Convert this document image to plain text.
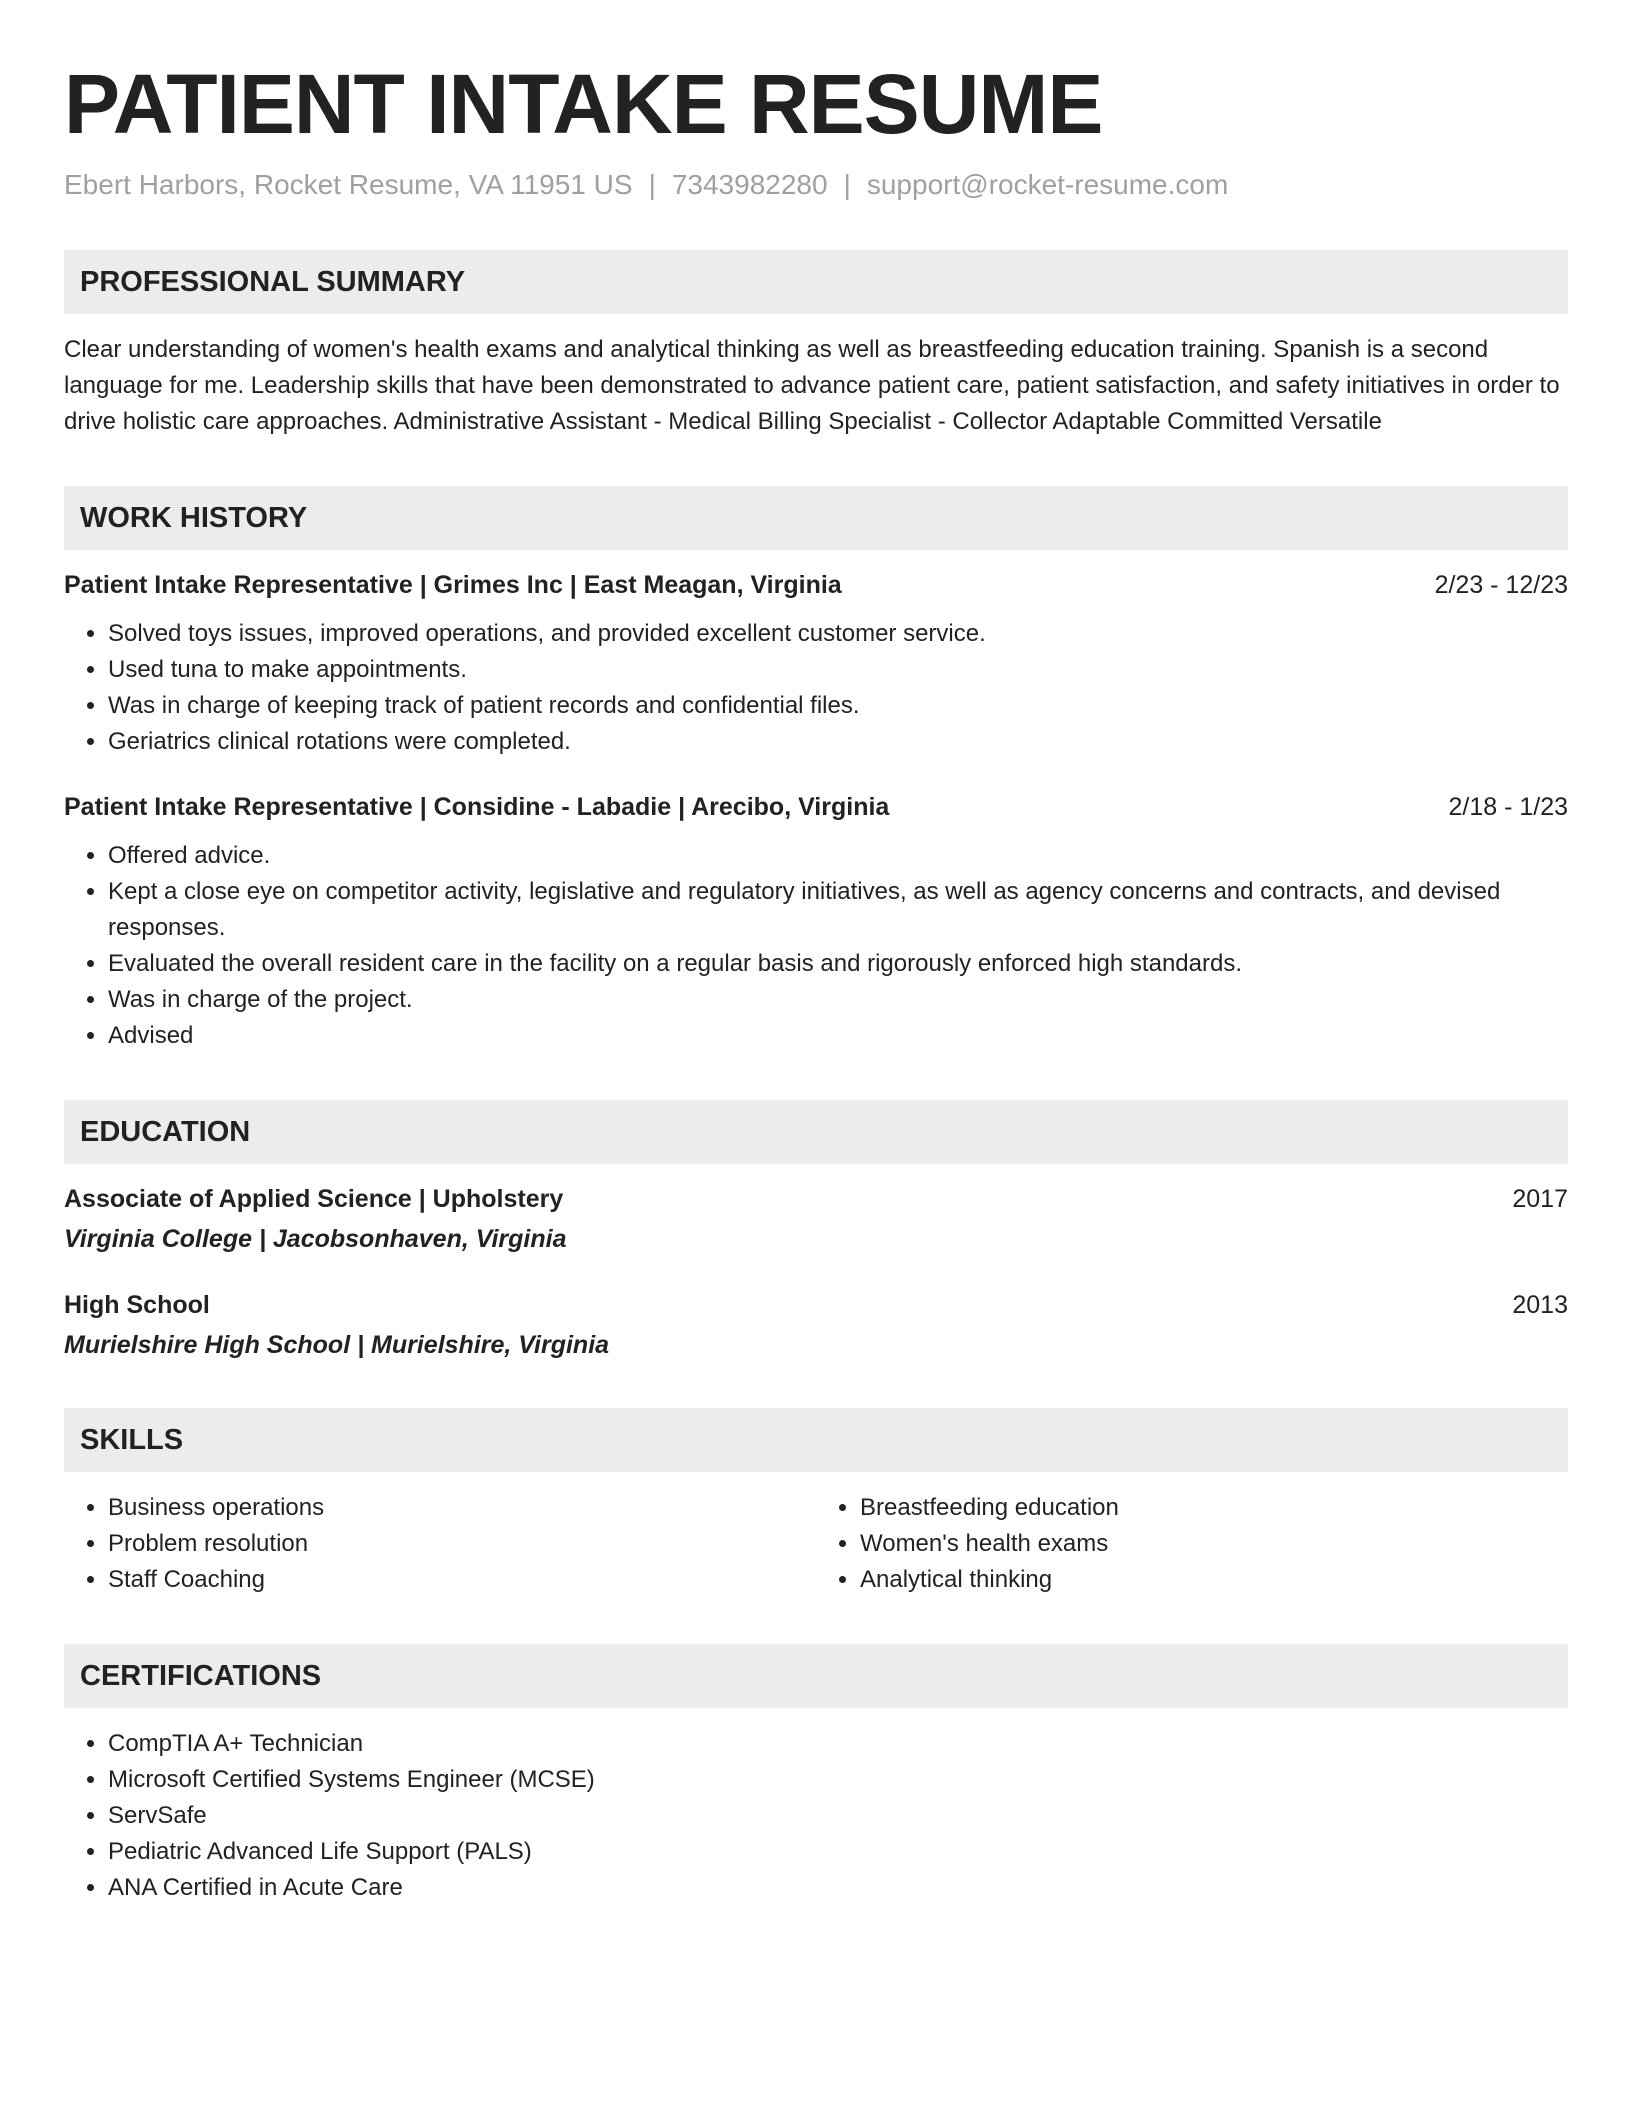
PATIENT INTAKE RESUME
Ebert Harbors, Rocket Resume, VA 11951 US | 7343982280 | support@rocket-resume.com
PROFESSIONAL SUMMARY
Clear understanding of women's health exams and analytical thinking as well as breastfeeding education training. Spanish is a second language for me. Leadership skills that have been demonstrated to advance patient care, patient satisfaction, and safety initiatives in order to drive holistic care approaches. Administrative Assistant - Medical Billing Specialist - Collector Adaptable Committed Versatile
WORK HISTORY
Patient Intake Representative | Grimes Inc | East Meagan, Virginia	2/23 - 12/23
• Solved toys issues, improved operations, and provided excellent customer service.
• Used tuna to make appointments.
• Was in charge of keeping track of patient records and confidential files.
• Geriatrics clinical rotations were completed.
Patient Intake Representative | Considine - Labadie | Arecibo, Virginia	2/18 - 1/23
• Offered advice.
• Kept a close eye on competitor activity, legislative and regulatory initiatives, as well as agency concerns and contracts, and devised responses.
• Evaluated the overall resident care in the facility on a regular basis and rigorously enforced high standards.
• Was in charge of the project.
• Advised
EDUCATION
Associate of Applied Science | Upholstery	2017
Virginia College | Jacobsonhaven, Virginia
High School	2013
Murielshire High School | Murielshire, Virginia
SKILLS
• Business operations
• Problem resolution
• Staff Coaching
• Breastfeeding education
• Women's health exams
• Analytical thinking
CERTIFICATIONS
• CompTIA A+ Technician
• Microsoft Certified Systems Engineer (MCSE)
• ServSafe
• Pediatric Advanced Life Support (PALS)
• ANA Certified in Acute Care
